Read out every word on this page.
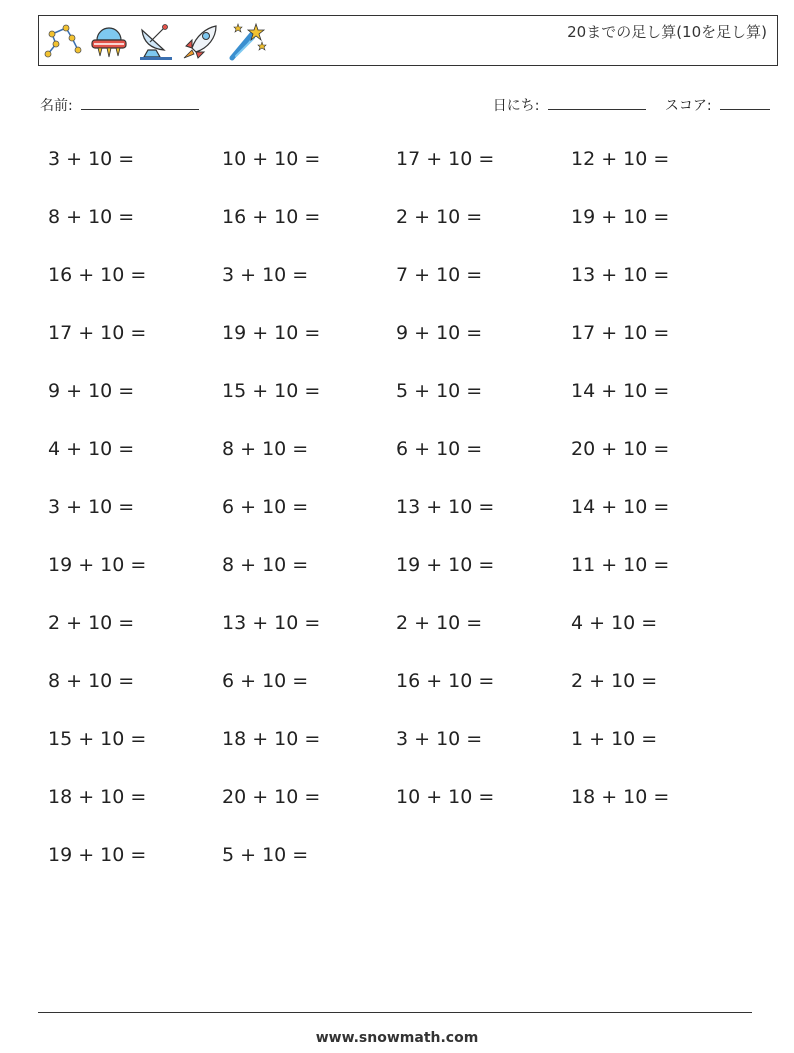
20までの足し算(10を足し算)
名前:	日にち:	スコア:
3 + 10 =	10 + 10 =	17 + 10 =	12 + 10 =
8 + 10 =	16 + 10 =	2 + 10 =	19 + 10 =
16 + 10 =	3 + 10 =	7 + 10 =	13 + 10 =
17 + 10 =	19 + 10 =	9 + 10 =	17 + 10 =
9 + 10 =	15 + 10 =	5 + 10 =	14 + 10 =
4 + 10 =	8 + 10 =	6 + 10 =	20 + 10 =
3 + 10 =	6 + 10 =	13 + 10 =	14 + 10 =
19 + 10 =	8 + 10 =	19 + 10 =	11 + 10 =
2 + 10 =	13 + 10 =	2 + 10 =	4 + 10 =
8 + 10 =	6 + 10 =	16 + 10 =	2 + 10 =
15 + 10 =	18 + 10 =	3 + 10 =	1 + 10 =
18 + 10 =	20 + 10 =	10 + 10 =	18 + 10 =
19 + 10 =	5 + 10 =
www.snowmath.com
